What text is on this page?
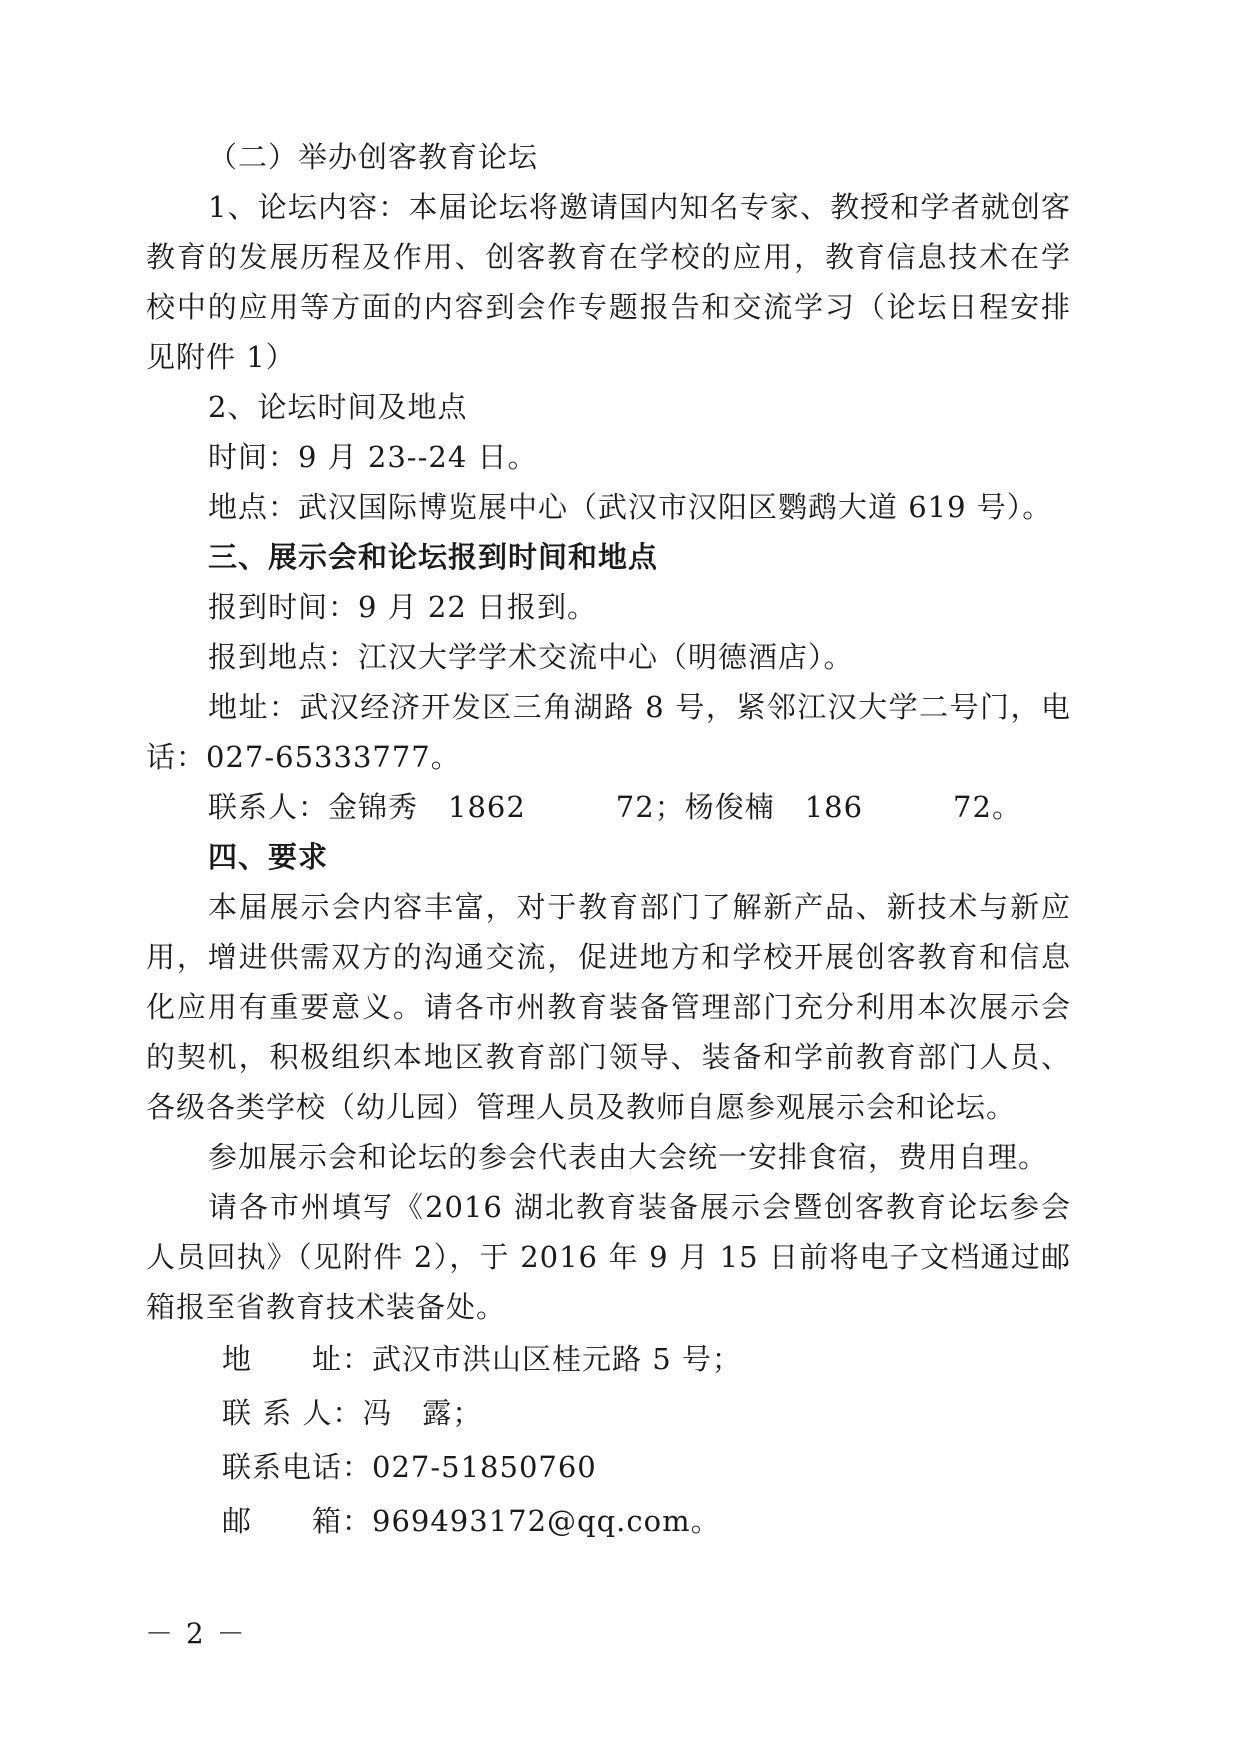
（二）举办创客教育论坛

1、论坛内容：本届论坛将邀请国内知名专家、教授和学者就创客教育的发展历程及作用、创客教育在学校的应用，教育信息技术在学校中的应用等方面的内容到会作专题报告和交流学习（论坛日程安排见附件 1）

2、论坛时间及地点

时间：9 月 23--24 日。

地点：武汉国际博览展中心（武汉市汉阳区鹦鹉大道 619 号）。

三、展示会和论坛报到时间和地点

报到时间：9 月 22 日报到。

报到地点：江汉大学学术交流中心（明德酒店）。

地址：武汉经济开发区三角湖路 8 号，紧邻江汉大学二号门，电话：027-65333777。

联系人：金锦秀　1862　　　72；杨俊楠　186　　　72。

四、要求

本届展示会内容丰富，对于教育部门了解新产品、新技术与新应用，增进供需双方的沟通交流，促进地方和学校开展创客教育和信息化应用有重要意义。请各市州教育装备管理部门充分利用本次展示会的契机，积极组织本地区教育部门领导、装备和学前教育部门人员、各级各类学校（幼儿园）管理人员及教师自愿参观展示会和论坛。

参加展示会和论坛的参会代表由大会统一安排食宿，费用自理。

请各市州填写《2016 湖北教育装备展示会暨创客教育论坛参会人员回执》（见附件 2），于 2016 年 9 月 15 日前将电子文档通过邮箱报至省教育技术装备处。

地　　址：武汉市洪山区桂元路 5 号；

联 系 人：冯　露；

联系电话：027-51850760

邮　　箱：969493172@qq.com。

－ 2 －
